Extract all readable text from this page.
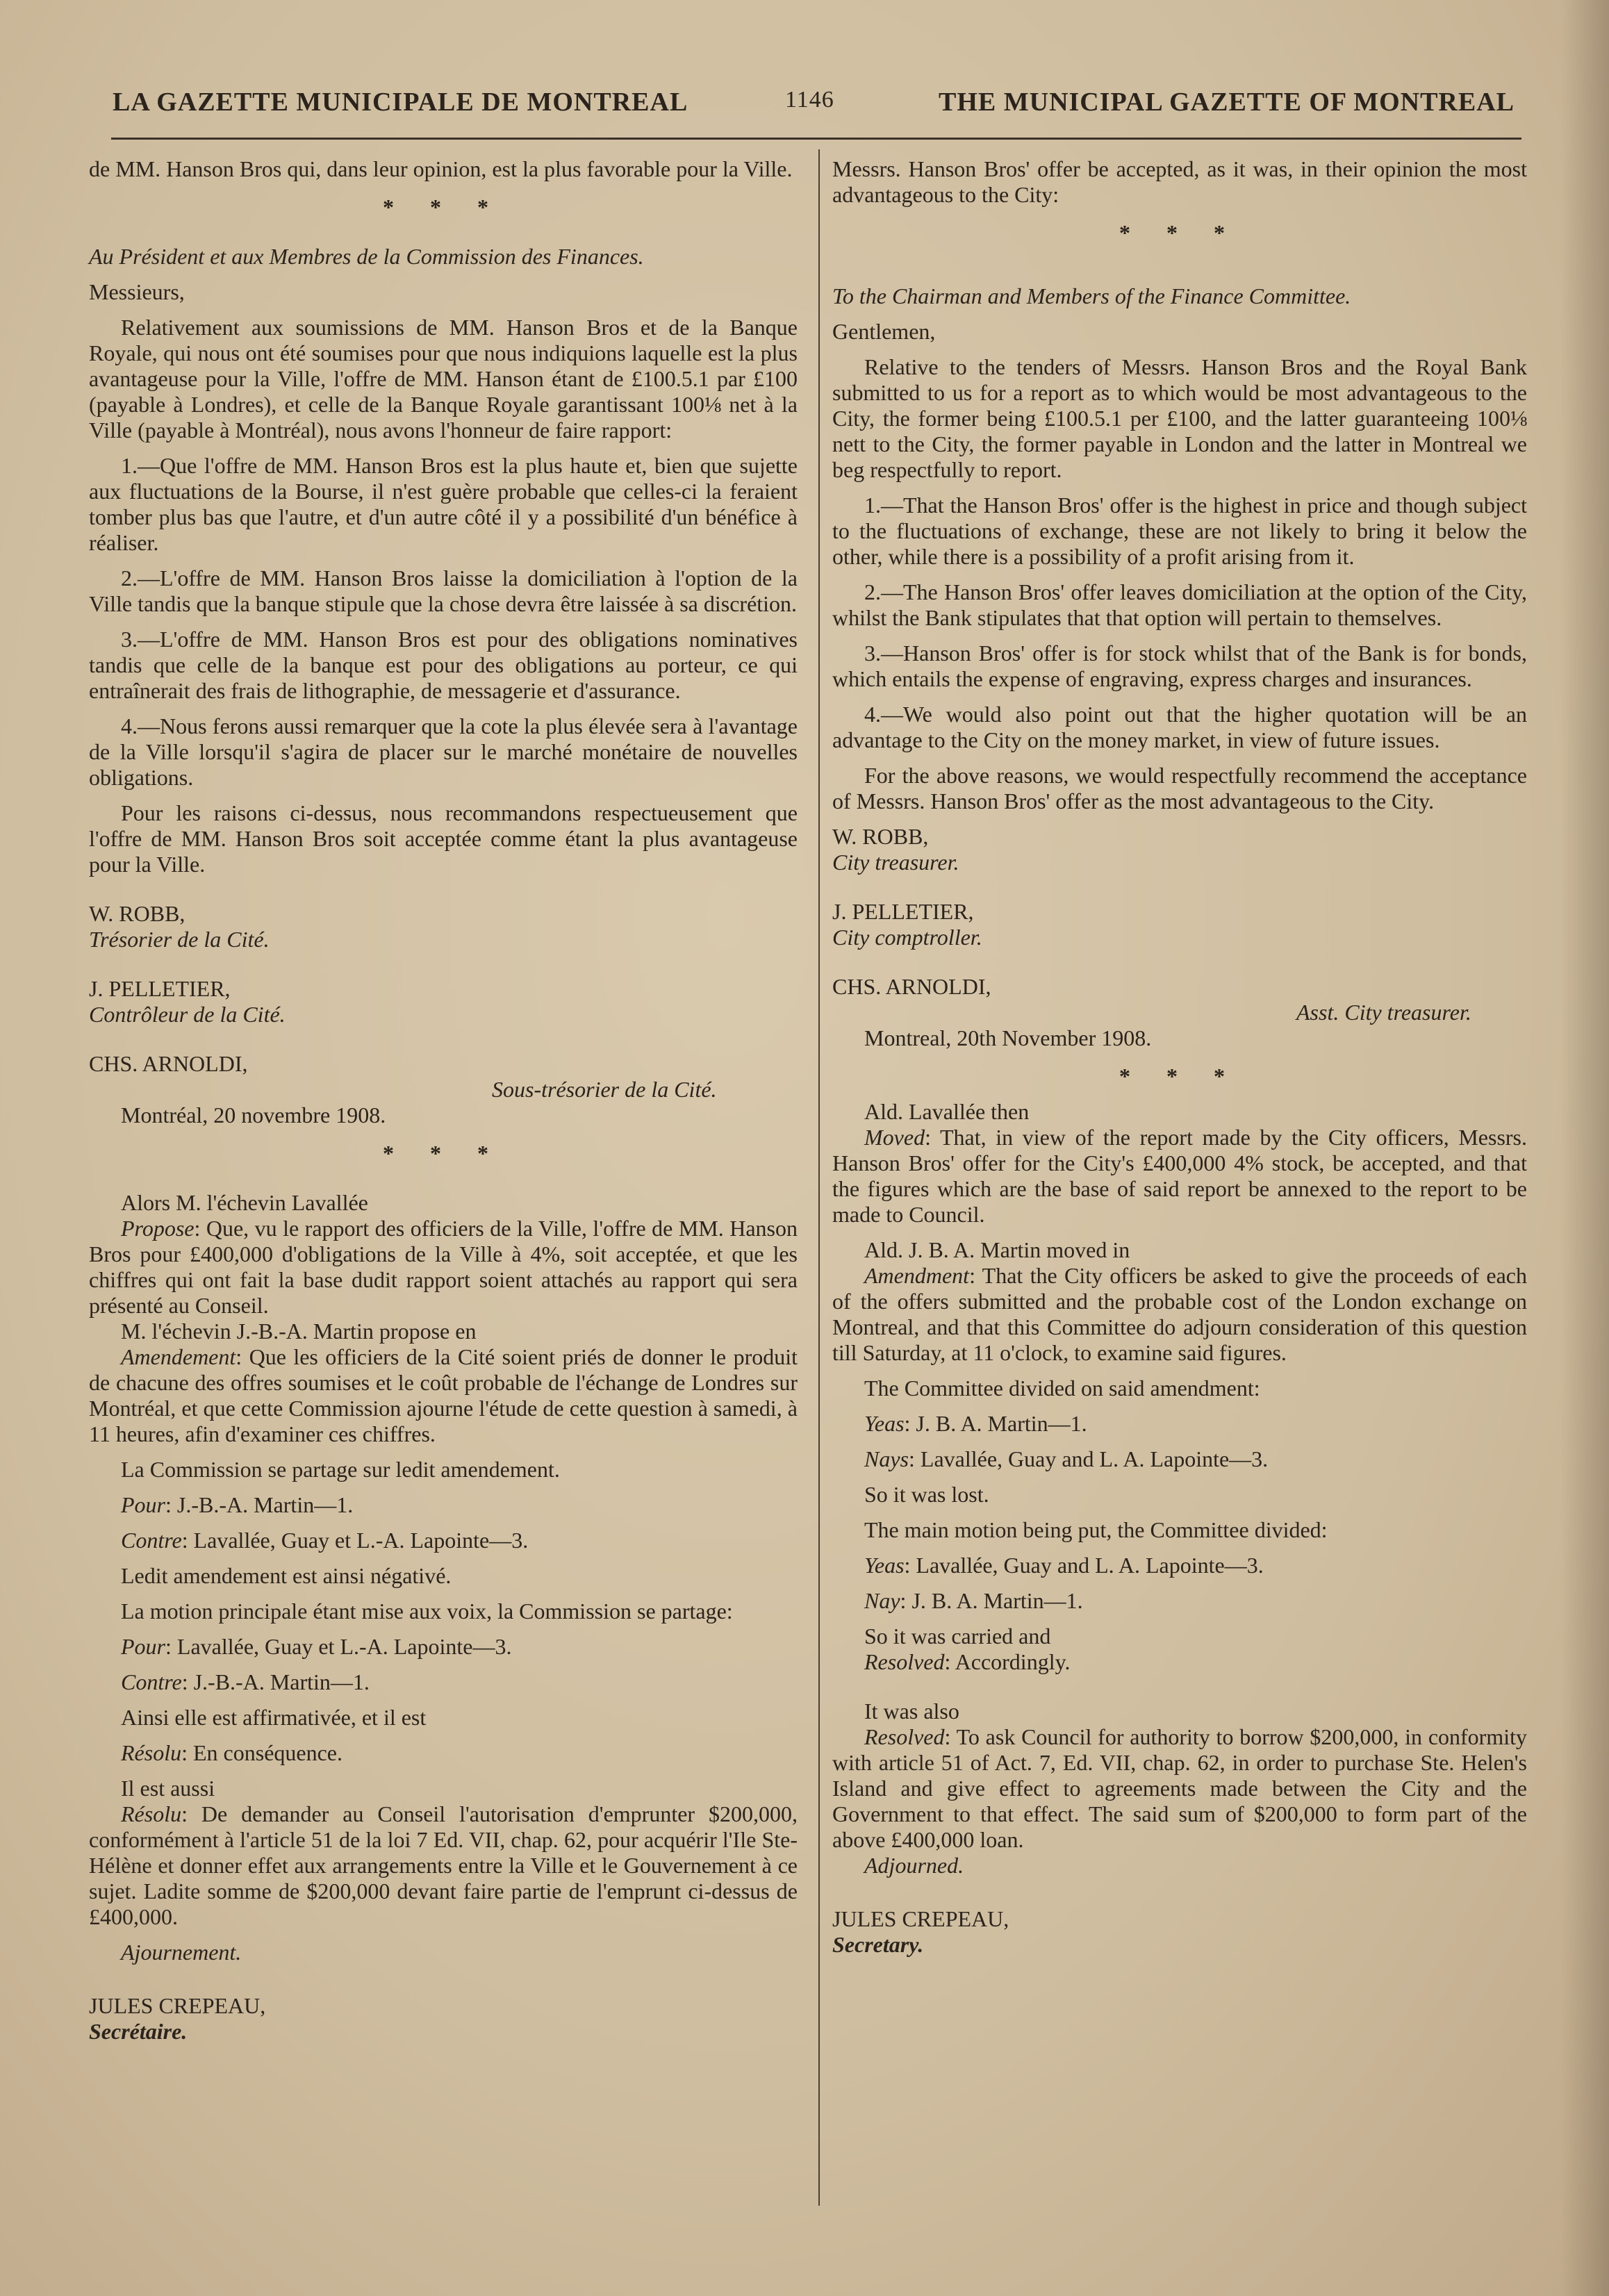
LA GAZETTE MUNICIPALE DE MONTREAL	1146	THE MUNICIPAL GAZETTE OF MONTREAL

de MM. Hanson Bros qui, dans leur opinion, est la plus favorable pour la Ville.

* * *

Au Président et aux Membres de la Commission des Finances.

Messieurs,

Relativement aux soumissions de MM. Hanson Bros et de la Banque Royale, qui nous ont été soumises pour que nous indiquions laquelle est la plus avantageuse pour la Ville, l'offre de MM. Hanson étant de £100.5.1 par £100 (payable à Londres), et celle de la Banque Royale garantissant 100⅛ net à la Ville (payable à Montréal), nous avons l'honneur de faire rapport:

1.—Que l'offre de MM. Hanson Bros est la plus haute et, bien que sujette aux fluctuations de la Bourse, il n'est guère probable que celles-ci la feraient tomber plus bas que l'autre, et d'un autre côté il y a possibilité d'un bénéfice à réaliser.

2.—L'offre de MM. Hanson Bros laisse la domiciliation à l'option de la Ville tandis que la banque stipule que la chose devra être laissée à sa discrétion.

3.—L'offre de MM. Hanson Bros est pour des obligations nominatives tandis que celle de la banque est pour des obligations au porteur, ce qui entraînerait des frais de lithographie, de messagerie et d'assurance.

4.—Nous ferons aussi remarquer que la cote la plus élevée sera à l'avantage de la Ville lorsqu'il s'agira de placer sur le marché monétaire de nouvelles obligations.

Pour les raisons ci-dessus, nous recommandons respectueusement que l'offre de MM. Hanson Bros soit acceptée comme étant la plus avantageuse pour la Ville.

W. ROBB,

Trésorier de la Cité.

J. PELLETIER,

Contrôleur de la Cité.

CHS. ARNOLDI,

Sous-trésorier de la Cité.

Montréal, 20 novembre 1908.

* * *

Alors M. l'échevin Lavallée

Propose: Que, vu le rapport des officiers de la Ville, l'offre de MM. Hanson Bros pour £400,000 d'obligations de la Ville à 4%, soit acceptée, et que les chiffres qui ont fait la base dudit rapport soient attachés au rapport qui sera présenté au Conseil.

M. l'échevin J.-B.-A. Martin propose en

Amendement: Que les officiers de la Cité soient priés de donner le produit de chacune des offres soumises et le coût probable de l'échange de Londres sur Montréal, et que cette Commission ajourne l'étude de cette question à samedi, à 11 heures, afin d'examiner ces chiffres.

La Commission se partage sur ledit amendement.

Pour: J.-B.-A. Martin—1.

Contre: Lavallée, Guay et L.-A. Lapointe—3.

Ledit amendement est ainsi négativé.

La motion principale étant mise aux voix, la Commission se partage:

Pour: Lavallée, Guay et L.-A. Lapointe—3.

Contre: J.-B.-A. Martin—1.

Ainsi elle est affirmativée, et il est

Résolu: En conséquence.

Il est aussi

Résolu: De demander au Conseil l'autorisation d'emprunter $200,000, conformément à l'article 51 de la loi 7 Ed. VII, chap. 62, pour acquérir l'Ile Ste-Hélène et donner effet aux arrangements entre la Ville et le Gouvernement à ce sujet. Ladite somme de $200,000 devant faire partie de l'emprunt ci-dessus de £400,000.

Ajournement.

JULES CREPEAU,

Secrétaire.

Messrs. Hanson Bros' offer be accepted, as it was, in their opinion the most advantageous to the City:

* * *

To the Chairman and Members of the Finance Committee.

Gentlemen,

Relative to the tenders of Messrs. Hanson Bros and the Royal Bank submitted to us for a report as to which would be most advantageous to the City, the former being £100.5.1 per £100, and the latter guaranteeing 100⅛ nett to the City, the former payable in London and the latter in Montreal we beg respectfully to report.

1.—That the Hanson Bros' offer is the highest in price and though subject to the fluctuations of exchange, these are not likely to bring it below the other, while there is a possibility of a profit arising from it.

2.—The Hanson Bros' offer leaves domiciliation at the option of the City, whilst the Bank stipulates that that option will pertain to themselves.

3.—Hanson Bros' offer is for stock whilst that of the Bank is for bonds, which entails the expense of engraving, express charges and insurances.

4.—We would also point out that the higher quotation will be an advantage to the City on the money market, in view of future issues.

For the above reasons, we would respectfully recommend the acceptance of Messrs. Hanson Bros' offer as the most advantageous to the City.

W. ROBB,

City treasurer.

J. PELLETIER,

City comptroller.

CHS. ARNOLDI,

Asst. City treasurer.

Montreal, 20th November 1908.

* * *

Ald. Lavallée then

Moved: That, in view of the report made by the City officers, Messrs. Hanson Bros' offer for the City's £400,000 4% stock, be accepted, and that the figures which are the base of said report be annexed to the report to be made to Council.

Ald. J. B. A. Martin moved in

Amendment: That the City officers be asked to give the proceeds of each of the offers submitted and the probable cost of the London exchange on Montreal, and that this Committee do adjourn consideration of this question till Saturday, at 11 o'clock, to examine said figures.

The Committee divided on said amendment:

Yeas: J. B. A. Martin—1.

Nays: Lavallée, Guay and L. A. Lapointe—3.

So it was lost.

The main motion being put, the Committee divided:

Yeas: Lavallée, Guay and L. A. Lapointe—3.

Nay: J. B. A. Martin—1.

So it was carried and

Resolved: Accordingly.

It was also

Resolved: To ask Council for authority to borrow $200,000, in conformity with article 51 of Act. 7, Ed. VII, chap. 62, in order to purchase Ste. Helen's Island and give effect to agreements made between the City and the Government to that effect. The said sum of $200,000 to form part of the above £400,000 loan.

Adjourned.

JULES CREPEAU,

Secretary.
